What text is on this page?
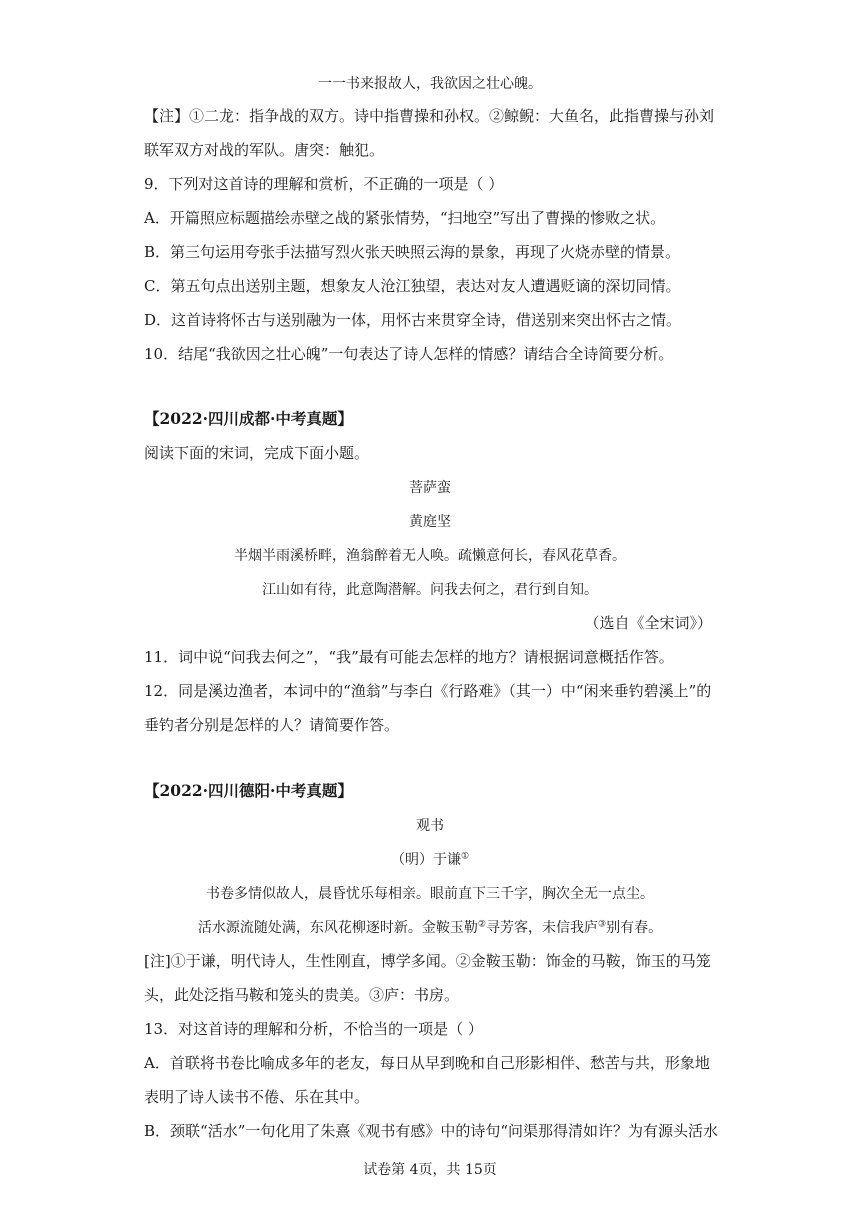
一一书来报故人，我欲因之壮心魄。
【注】①二龙：指争战的双方。诗中指曹操和孙权。②鲸鲵：大鱼名，此指曹操与孙刘
联军双方对战的军队。唐突：触犯。
9．下列对这首诗的理解和赏析，不正确的一项是（ ）
A．开篇照应标题描绘赤壁之战的紧张情势，“扫地空”写出了曹操的惨败之状。
B．第三句运用夸张手法描写烈火张天映照云海的景象，再现了火烧赤壁的情景。
C．第五句点出送别主题，想象友人沧江独望，表达对友人遭遇贬谪的深切同情。
D．这首诗将怀古与送别融为一体，用怀古来贯穿全诗，借送别来突出怀古之情。
10．结尾“我欲因之壮心魄”一句表达了诗人怎样的情感？请结合全诗简要分析。
【2022·四川成都·中考真题】
阅读下面的宋词，完成下面小题。
菩萨蛮
黄庭坚
半烟半雨溪桥畔，渔翁醉着无人唤。疏懒意何长，春风花草香。
江山如有待，此意陶潜解。问我去何之，君行到自知。
（选自《全宋词》）
11．词中说“问我去何之”，“我”最有可能去怎样的地方？请根据词意概括作答。
12．同是溪边渔者，本词中的“渔翁”与李白《行路难》（其一）中“闲来垂钓碧溪上”的
垂钓者分别是怎样的人？请简要作答。
【2022·四川德阳·中考真题】
观书
（明）于谦①
书卷多情似故人，晨昏忧乐每相亲。眼前直下三千字，胸次全无一点尘。
活水源流随处满，东风花柳逐时新。金鞍玉勒②寻芳客，未信我庐③别有春。
[注]①于谦，明代诗人，生性刚直，博学多闻。②金鞍玉勒：饰金的马鞍，饰玉的马笼
头，此处泛指马鞍和笼头的贵美。③庐：书房。
13．对这首诗的理解和分析，不恰当的一项是（ ）
A．首联将书卷比喻成多年的老友，每日从早到晚和自己形影相伴、愁苦与共，形象地
表明了诗人读书不倦、乐在其中。
B．颈联“活水”一句化用了朱熹《观书有感》中的诗句“问渠那得清如许？为有源头活水
试卷第 4页，共 15页
